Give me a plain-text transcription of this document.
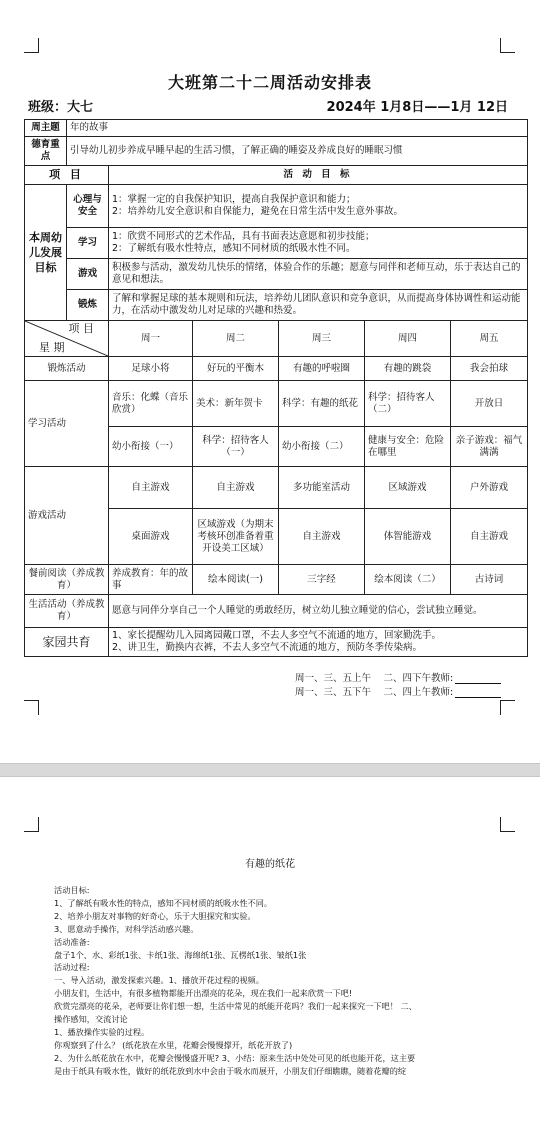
大班第二十二周活动安排表
班级：大七	2024年 1月8日——1月 12日
周主题	年的故事					
德育重点	引导幼儿初步养成早睡早起的生活习惯，了解正确的睡姿及养成良好的睡眠习惯					
项 目		活 动 目 标				
本周幼儿发展目标	心理与安全	1：掌握一定的自我保护知识，提高自我保护意识和能力；
2：培养幼儿安全意识和自保能力，避免在日常生活中发生意外事故。				

	学习	1：欣赏不同形式的艺术作品，具有书面表达意愿和初步技能；
2：了解纸有吸水性特点，感知不同材质的纸吸水性不同。				

	游戏	积极参与活动，激发幼儿快乐的情绪，体验合作的乐趣；愿意与同伴和老师互动，乐于表达自己的意见和想法。				
	锻炼	了解和掌握足球的基本规则和玩法，培养幼儿团队意识和竞争意识，从而提高身体协调性和运动能力，在活动中激发幼儿对足球的兴趣和热爱。				

项 目
星 期		周一	周二	周三	周四	周五
锻炼活动		足球小将	好玩的平衡木	有趣的呼啦圈	有趣的跳袋	我会拍球
学习活动		音乐：化蝶（音乐欣赏）	美术：新年贺卡	科学：有趣的纸花	科学：招待客人（二）	开放日
		幼小衔接（一）	科学：招待客人（一）	幼小衔接（二）	健康与安全：危险在哪里	亲子游戏：福气满满
游戏活动		自主游戏	自主游戏	多功能室活动	区域游戏	户外游戏
		桌面游戏	区域游戏（为期末考核环创准备着重开设美工区域）	自主游戏	体智能游戏	自主游戏
餐前阅读（养成教育）		养成教育：年的故事	绘本阅读(一)	三字经	绘本阅读（二）	古诗词
生活活动（养成教育）		愿意与同伴分享自己一个人睡觉的勇敢经历，树立幼儿独立睡觉的信心，尝试独立睡觉。				
家园共育		1、家长提醒幼儿入园离园戴口罩，不去人多空气不流通的地方，回家勤洗手。
2、讲卫生，勤换内衣裤，不去人多空气不流通的地方，预防冬季传染病。				
周一、三、五上午　 二、四下午教师:
周一、三、五下午　 二、四上午教师:
有趣的纸花
活动目标:
1、了解纸有吸水性的特点，感知不同材质的纸吸水性不同。
2、培养小朋友对事物的好奇心，乐于大胆探究和实验。
3、愿意动手操作，对科学活动感兴趣。
活动准备:
盘子1个、水、彩纸1张、卡纸1张、海绵纸1张、瓦楞纸1张、皱纸1张
活动过程:
一、导入活动，激发探索兴趣。1、播放开花过程的视频。
小朋友们，生活中，有很多植物都能开出漂亮的花朵，现在我们一起来欣赏一下吧!
欣赏完漂亮的花朵，老师要让你们想一想，生活中常见的纸能开花吗？我们一起来探究一下吧！ 二、
操作感知，交流讨论
1、播放操作实验的过程。
你观察到了什么？ (纸花放在水里，花瓣会慢慢撑开，纸花开放了)
2、为什么纸花放在水中，花瓣会慢慢盛开呢? 3、小结：原来生活中处处可见的纸也能开花，这主要
是由于纸具有吸水性，做好的纸花放到水中会由于吸水而展开，小朋友们仔细瞧瞧，随着花瓣的绽
